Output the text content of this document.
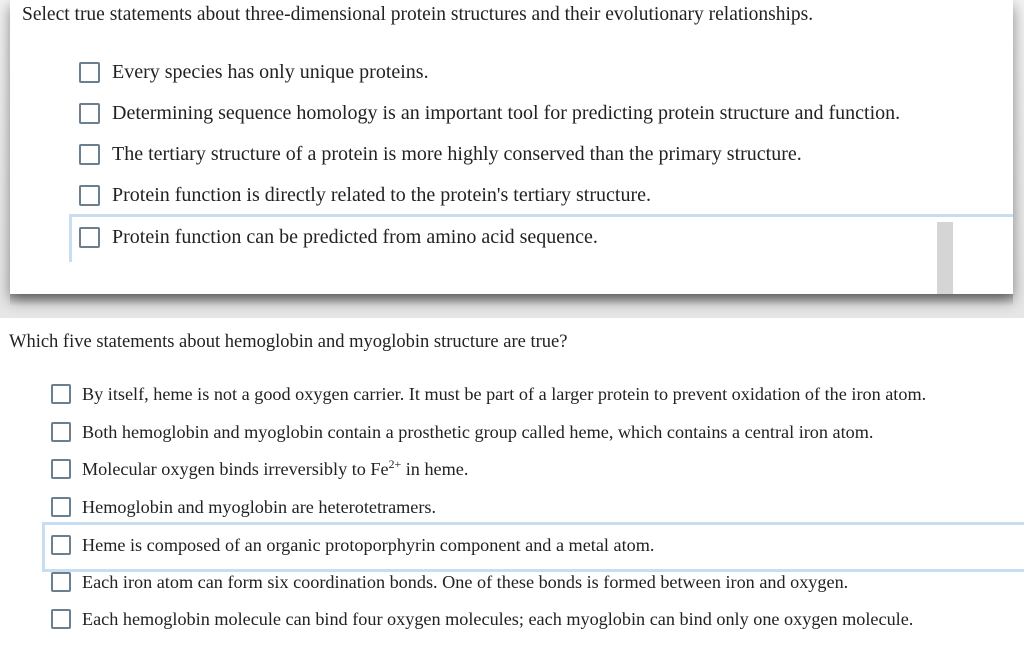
Select true statements about three-dimensional protein structures and their evolutionary relationships.
Every species has only unique proteins.
Determining sequence homology is an important tool for predicting protein structure and function.
The tertiary structure of a protein is more highly conserved than the primary structure.
Protein function is directly related to the protein's tertiary structure.
Protein function can be predicted from amino acid sequence.
Which five statements about hemoglobin and myoglobin structure are true?
By itself, heme is not a good oxygen carrier. It must be part of a larger protein to prevent oxidation of the iron atom.
Both hemoglobin and myoglobin contain a prosthetic group called heme, which contains a central iron atom.
Molecular oxygen binds irreversibly to $Fe^{2+}$ in heme.
Hemoglobin and myoglobin are heterotetramers.
Heme is composed of an organic protoporphyrin component and a metal atom.
Each iron atom can form six coordination bonds. One of these bonds is formed between iron and oxygen.
Each hemoglobin molecule can bind four oxygen molecules; each myoglobin can bind only one oxygen molecule.
